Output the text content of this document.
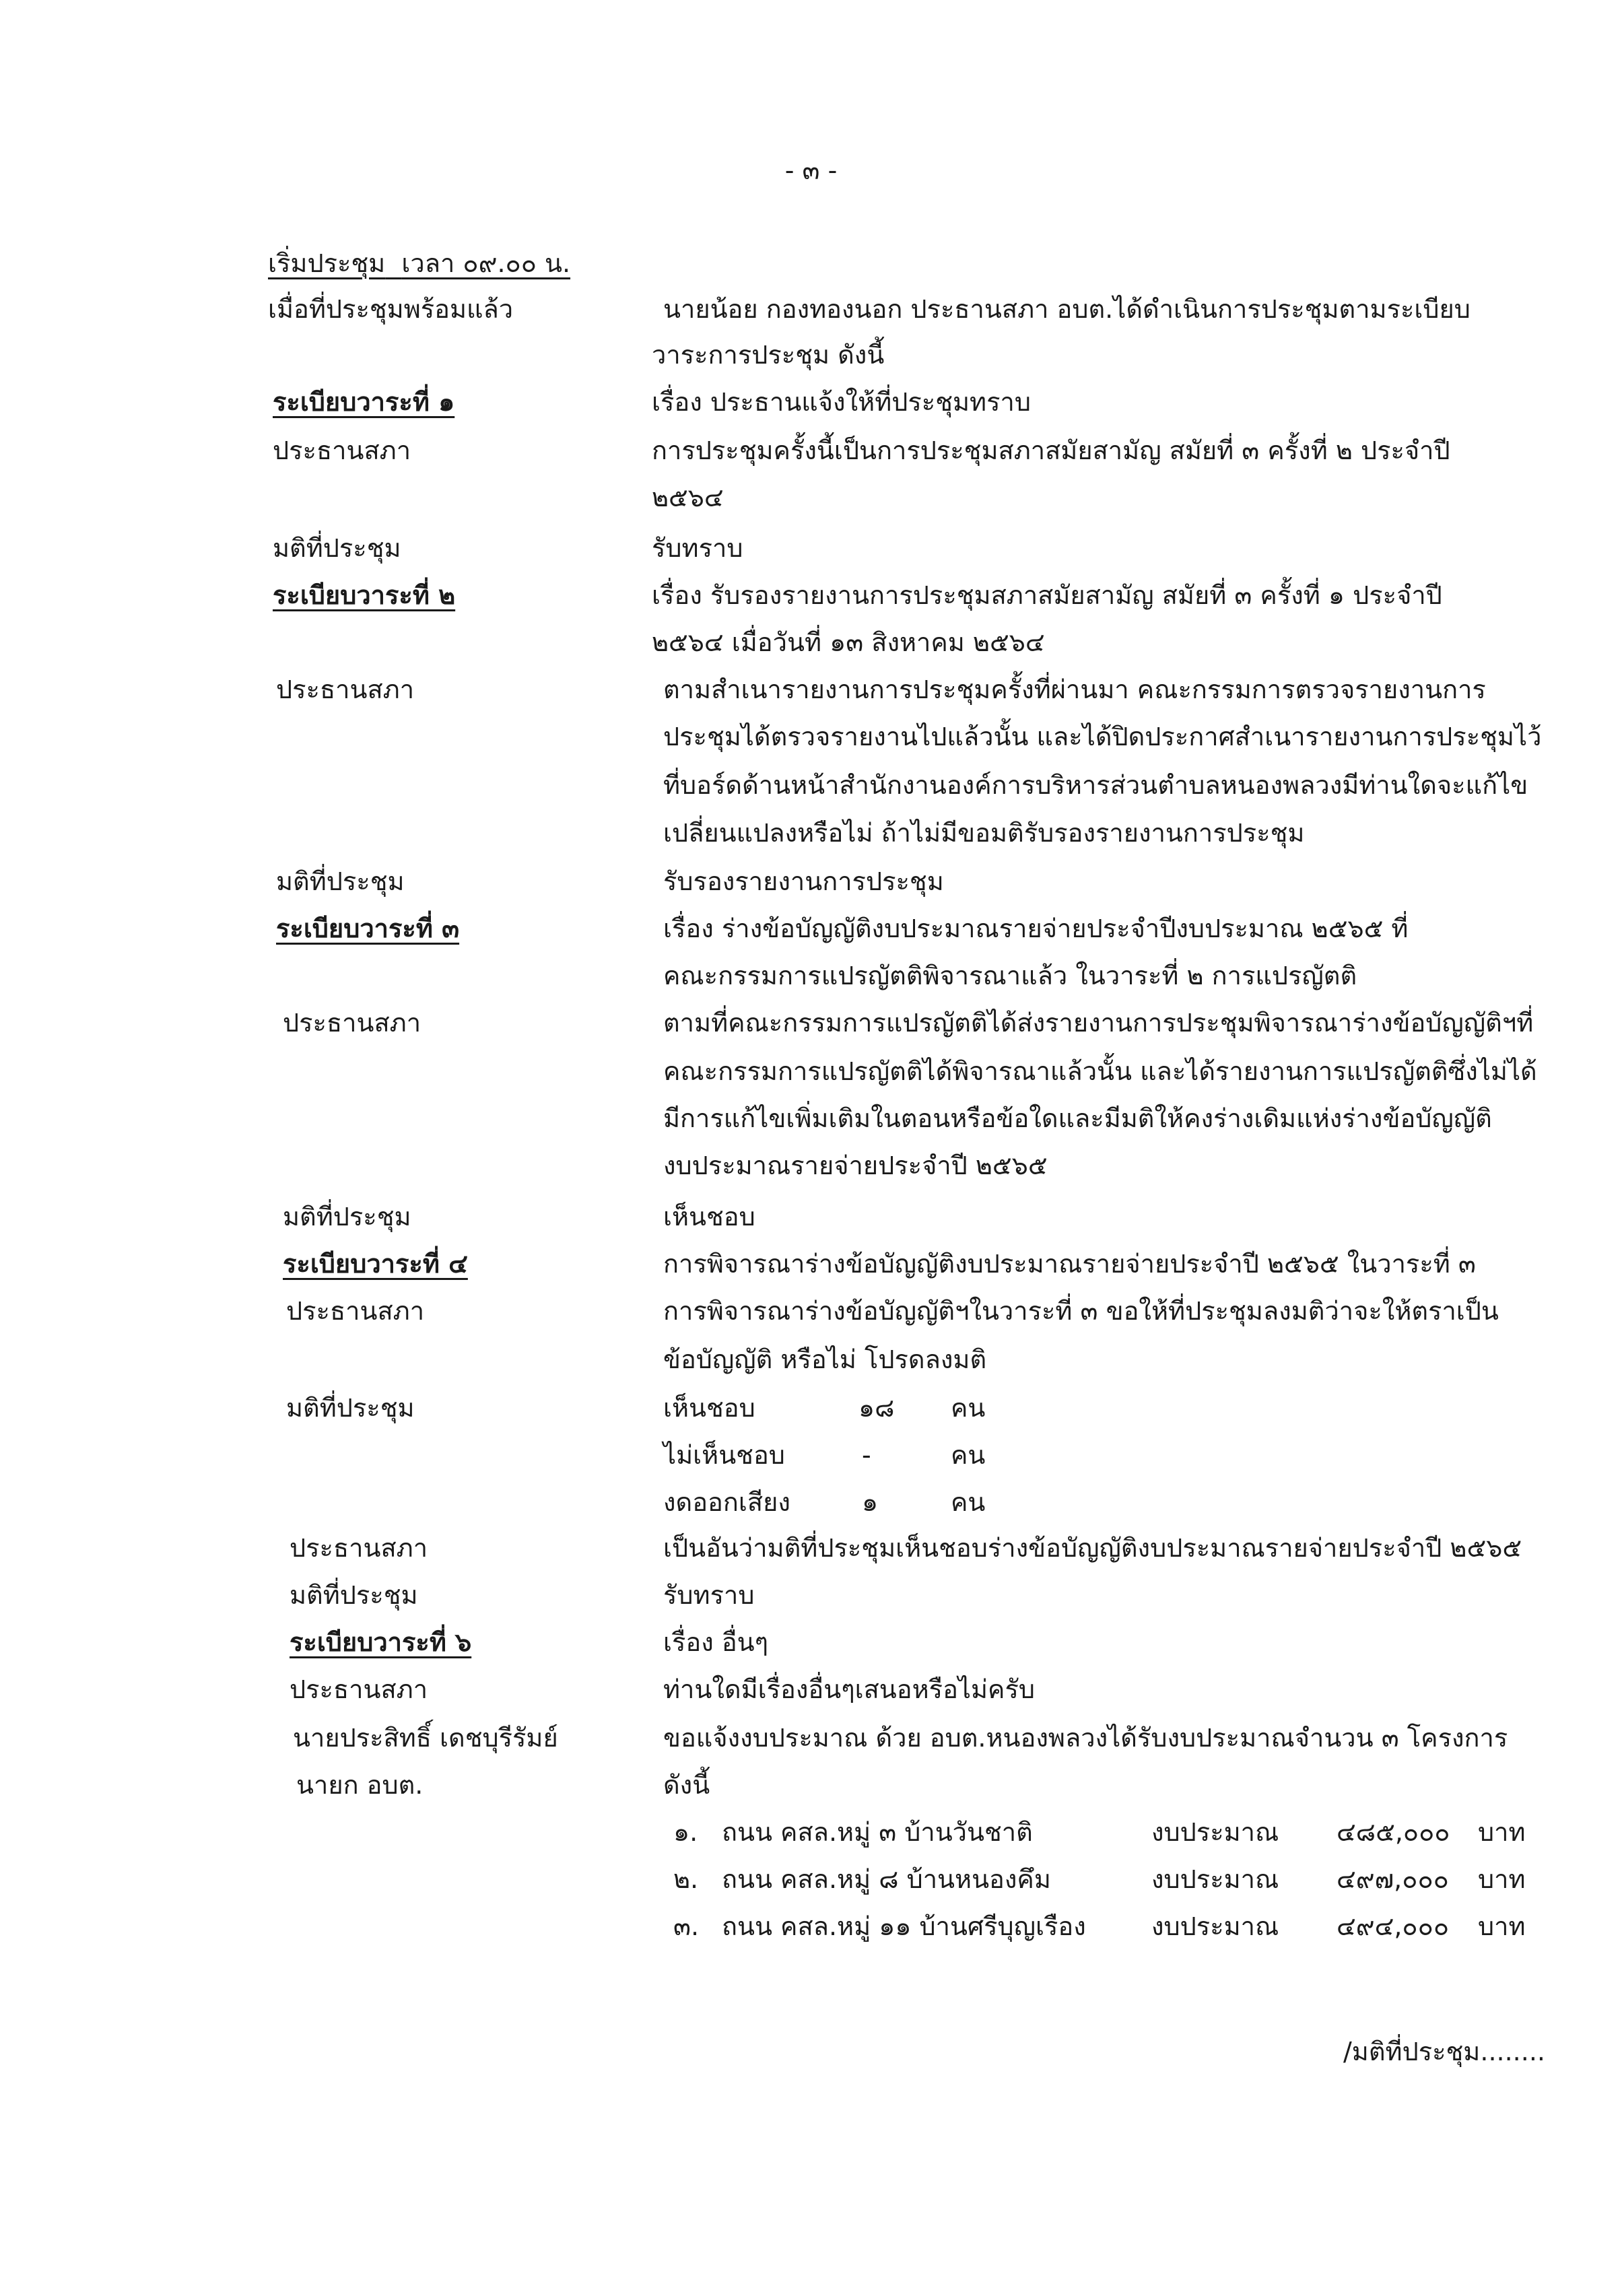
- ๓ -
เริ่มประชุม เวลา ๐๙.๐๐ น.
เมื่อที่ประชุมพร้อมแล้ว	นายน้อย กองทองนอก ประธานสภา อบต.ได้ดำเนินการประชุมตามระเบียบ
วาระการประชุม ดังนี้
ระเบียบวาระที่ ๑	เรื่อง ประธานแจ้งให้ที่ประชุมทราบ
ประธานสภา	การประชุมครั้งนี้เป็นการประชุมสภาสมัยสามัญ สมัยที่ ๓ ครั้งที่ ๒ ประจำปี
๒๕๖๔
มติที่ประชุม	รับทราบ
ระเบียบวาระที่ ๒	เรื่อง รับรองรายงานการประชุมสภาสมัยสามัญ สมัยที่ ๓ ครั้งที่ ๑ ประจำปี
๒๕๖๔ เมื่อวันที่ ๑๓ สิงหาคม ๒๕๖๔
ประธานสภา	ตามสำเนารายงานการประชุมครั้งที่ผ่านมา คณะกรรมการตรวจรายงานการ
ประชุมได้ตรวจรายงานไปแล้วนั้น และได้ปิดประกาศสำเนารายงานการประชุมไว้
ที่บอร์ดด้านหน้าสำนักงานองค์การบริหารส่วนตำบลหนองพลวงมีท่านใดจะแก้ไข
เปลี่ยนแปลงหรือไม่ ถ้าไม่มีขอมติรับรองรายงานการประชุม
มติที่ประชุม	รับรองรายงานการประชุม
ระเบียบวาระที่ ๓	เรื่อง ร่างข้อบัญญัติงบประมาณรายจ่ายประจำปีงบประมาณ ๒๕๖๕ ที่
คณะกรรมการแปรญัตติพิจารณาแล้ว ในวาระที่ ๒ การแปรญัตติ
ประธานสภา	ตามที่คณะกรรมการแปรญัตติได้ส่งรายงานการประชุมพิจารณาร่างข้อบัญญัติฯที่
คณะกรรมการแปรญัตติได้พิจารณาแล้วนั้น และได้รายงานการแปรญัตติซึ่งไม่ได้
มีการแก้ไขเพิ่มเติมในตอนหรือข้อใดและมีมติให้คงร่างเดิมแห่งร่างข้อบัญญัติ
งบประมาณรายจ่ายประจำปี ๒๕๖๕
มติที่ประชุม	เห็นชอบ
ระเบียบวาระที่ ๔	การพิจารณาร่างข้อบัญญัติงบประมาณรายจ่ายประจำปี ๒๕๖๕ ในวาระที่ ๓
ประธานสภา	การพิจารณาร่างข้อบัญญัติฯในวาระที่ ๓ ขอให้ที่ประชุมลงมติว่าจะให้ตราเป็น
ข้อบัญญัติ หรือไม่ โปรดลงมติ
มติที่ประชุม	เห็นชอบ	๑๘ คน
ไม่เห็นชอบ	-	คน
งดออกเสียง	๑	คน
ประธานสภา	เป็นอันว่ามติที่ประชุมเห็นชอบร่างข้อบัญญัติงบประมาณรายจ่ายประจำปี ๒๕๖๕
มติที่ประชุม	รับทราบ
ระเบียบวาระที่ ๖	เรื่อง อื่นๆ
ประธานสภา	ท่านใดมีเรื่องอื่นๆเสนอหรือไม่ครับ
นายประสิทธิ์ เดชบุรีรัมย์	ขอแจ้งงบประมาณ ด้วย อบต.หนองพลวงได้รับงบประมาณจำนวน ๓ โครงการ
นายก อบต.	ดังนี้
๑. ถนน คสล.หมู่ ๓ บ้านวันชาติ	งบประมาณ ๔๘๕,๐๐๐ บาท
๒. ถนน คสล.หมู่ ๘ บ้านหนองคึม	งบประมาณ ๔๙๗,๐๐๐ บาท
๓. ถนน คสล.หมู่ ๑๑ บ้านศรีบุญเรือง	งบประมาณ ๔๙๔,๐๐๐ บาท
/มติที่ประชุม........
